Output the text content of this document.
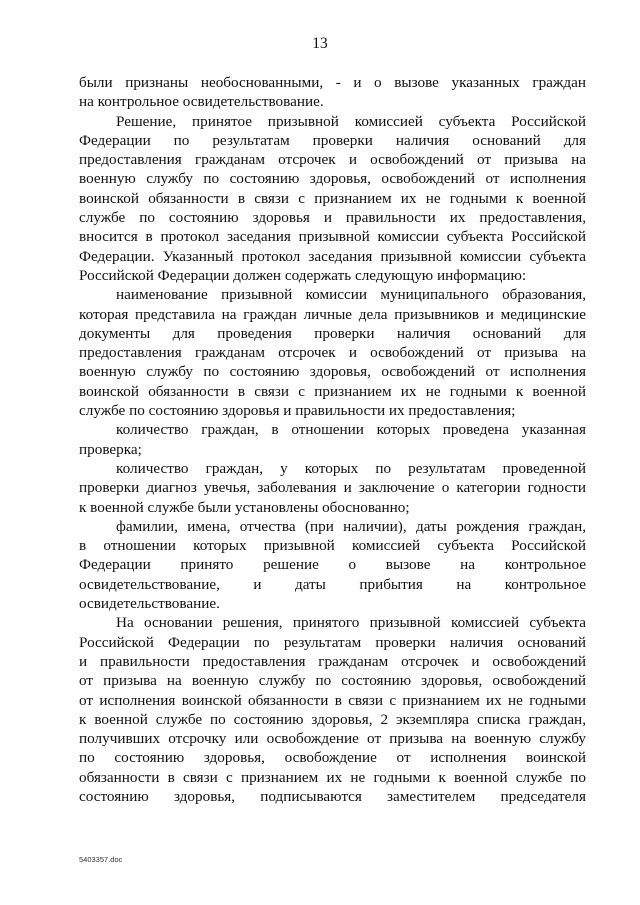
13
были признаны необоснованными, - и о вызове указанных граждан
на контрольное освидетельствование.
Решение, принятое призывной комиссией субъекта Российской
Федерации по результатам проверки наличия оснований для
предоставления гражданам отсрочек и освобождений от призыва на
военную службу по состоянию здоровья, освобождений от исполнения
воинской обязанности в связи с признанием их не годными к военной
службе по состоянию здоровья и правильности их предоставления,
вносится в протокол заседания призывной комиссии субъекта Российской
Федерации. Указанный протокол заседания призывной комиссии субъекта
Российской Федерации должен содержать следующую информацию:
наименование призывной комиссии муниципального образования,
которая представила на граждан личные дела призывников и медицинские
документы для проведения проверки наличия оснований для
предоставления гражданам отсрочек и освобождений от призыва на
военную службу по состоянию здоровья, освобождений от исполнения
воинской обязанности в связи с признанием их не годными к военной
службе по состоянию здоровья и правильности их предоставления;
количество граждан, в отношении которых проведена указанная
проверка;
количество граждан, у которых по результатам проведенной
проверки диагноз увечья, заболевания и заключение о категории годности
к военной службе были установлены обоснованно;
фамилии, имена, отчества (при наличии), даты рождения граждан,
в отношении которых призывной комиссией субъекта Российской
Федерации принято решение о вызове на контрольное
освидетельствование, и даты прибытия на контрольное
освидетельствование.
На основании решения, принятого призывной комиссией субъекта
Российской Федерации по результатам проверки наличия оснований
и правильности предоставления гражданам отсрочек и освобождений
от призыва на военную службу по состоянию здоровья, освобождений
от исполнения воинской обязанности в связи с признанием их не годными
к военной службе по состоянию здоровья, 2 экземпляра списка граждан,
получивших отсрочку или освобождение от призыва на военную службу
по состоянию здоровья, освобождение от исполнения воинской
обязанности в связи с признанием их не годными к военной службе по
состоянию здоровья, подписываются заместителем председателя
5403357.doc
